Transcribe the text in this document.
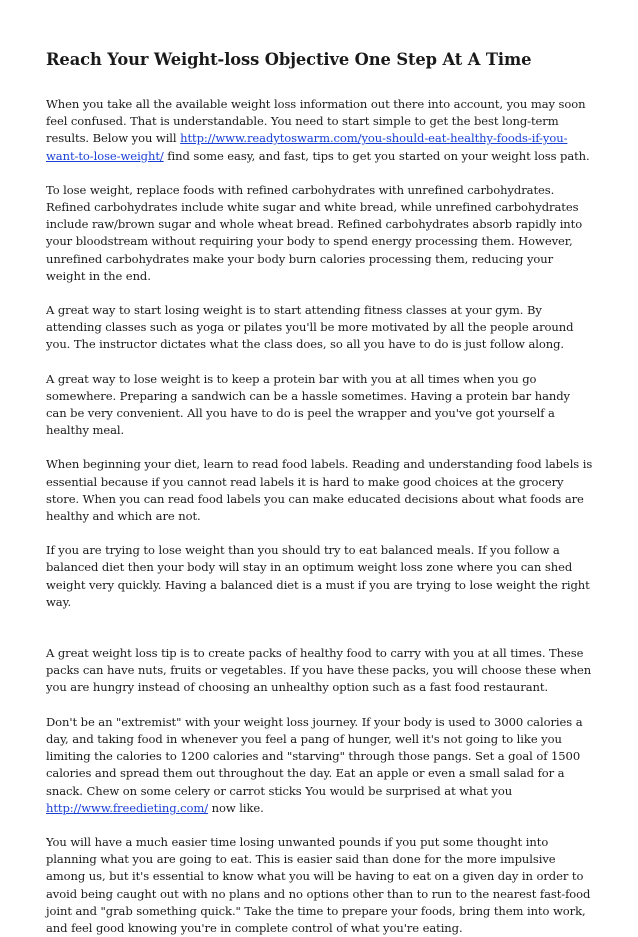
Reach Your Weight-loss Objective One Step At A Time

When you take all the available weight loss information out there into account, you may soon feel confused. That is understandable. You need to start simple to get the best long-term results. Below you will http://www.readytoswarm.com/you-should-eat-healthy-foods-if-you-want-to-lose-weight/ find some easy, and fast, tips to get you started on your weight loss path.

To lose weight, replace foods with refined carbohydrates with unrefined carbohydrates. Refined carbohydrates include white sugar and white bread, while unrefined carbohydrates include raw/brown sugar and whole wheat bread. Refined carbohydrates absorb rapidly into your bloodstream without requiring your body to spend energy processing them. However, unrefined carbohydrates make your body burn calories processing them, reducing your weight in the end.

A great way to start losing weight is to start attending fitness classes at your gym. By attending classes such as yoga or pilates you'll be more motivated by all the people around you. The instructor dictates what the class does, so all you have to do is just follow along.

A great way to lose weight is to keep a protein bar with you at all times when you go somewhere. Preparing a sandwich can be a hassle sometimes. Having a protein bar handy can be very convenient. All you have to do is peel the wrapper and you've got yourself a healthy meal.

When beginning your diet, learn to read food labels. Reading and understanding food labels is essential because if you cannot read labels it is hard to make good choices at the grocery store. When you can read food labels you can make educated decisions about what foods are healthy and which are not.

If you are trying to lose weight than you should try to eat balanced meals. If you follow a balanced diet then your body will stay in an optimum weight loss zone where you can shed weight very quickly. Having a balanced diet is a must if you are trying to lose weight the right way.

A great weight loss tip is to create packs of healthy food to carry with you at all times. These packs can have nuts, fruits or vegetables. If you have these packs, you will choose these when you are hungry instead of choosing an unhealthy option such as a fast food restaurant.

Don't be an "extremist" with your weight loss journey. If your body is used to 3000 calories a day, and taking food in whenever you feel a pang of hunger, well it's not going to like you limiting the calories to 1200 calories and "starving" through those pangs. Set a goal of 1500 calories and spread them out throughout the day. Eat an apple or even a small salad for a snack. Chew on some celery or carrot sticks You would be surprised at what you http://www.freedieting.com/ now like.

You will have a much easier time losing unwanted pounds if you put some thought into planning what you are going to eat. This is easier said than done for the more impulsive among us, but it's essential to know what you will be having to eat on a given day in order to avoid being caught out with no plans and no options other than to run to the nearest fast-food joint and "grab something quick." Take the time to prepare your foods, bring them into work, and feel good knowing you're in complete control of what you're eating.
